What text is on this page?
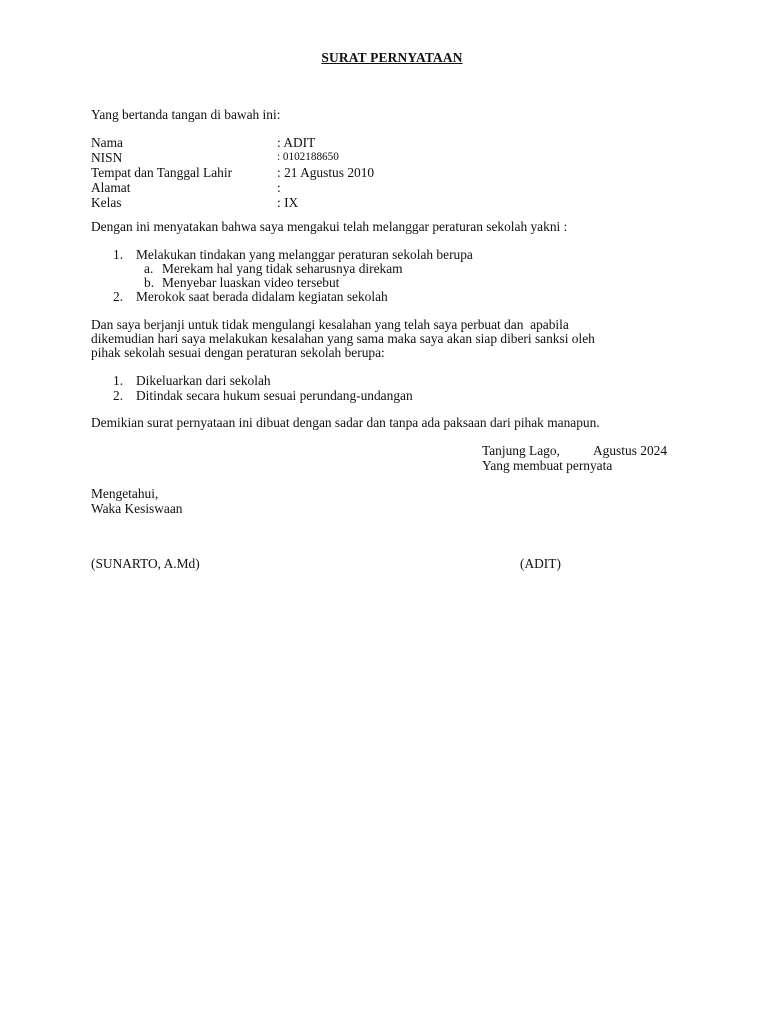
SURAT PERNYATAAN
Yang bertanda tangan di bawah ini:
Nama	: ADIT
NISN	: 0102188650
Tempat dan Tanggal Lahir	: 21 Agustus 2010
Alamat	:
Kelas	: IX
Dengan ini menyatakan bahwa saya mengakui telah melanggar peraturan sekolah yakni :
1. Melakukan tindakan yang melanggar peraturan sekolah berupa
a. Merekam hal yang tidak seharusnya direkam
b. Menyebar luaskan video tersebut
2. Merokok saat berada didalam kegiatan sekolah
Dan saya berjanji untuk tidak mengulangi kesalahan yang telah saya perbuat dan  apabila
dikemudian hari saya melakukan kesalahan yang sama maka saya akan siap diberi sanksi oleh
pihak sekolah sesuai dengan peraturan sekolah berupa:
1. Dikeluarkan dari sekolah
2. Ditindak secara hukum sesuai perundang-undangan
Demikian surat pernyataan ini dibuat dengan sadar dan tanpa ada paksaan dari pihak manapun.
Tanjung Lago, Agustus 2024
Yang membuat pernyata
Mengetahui,
Waka Kesiswaan
(SUNARTO, A.Md)	(ADIT)
